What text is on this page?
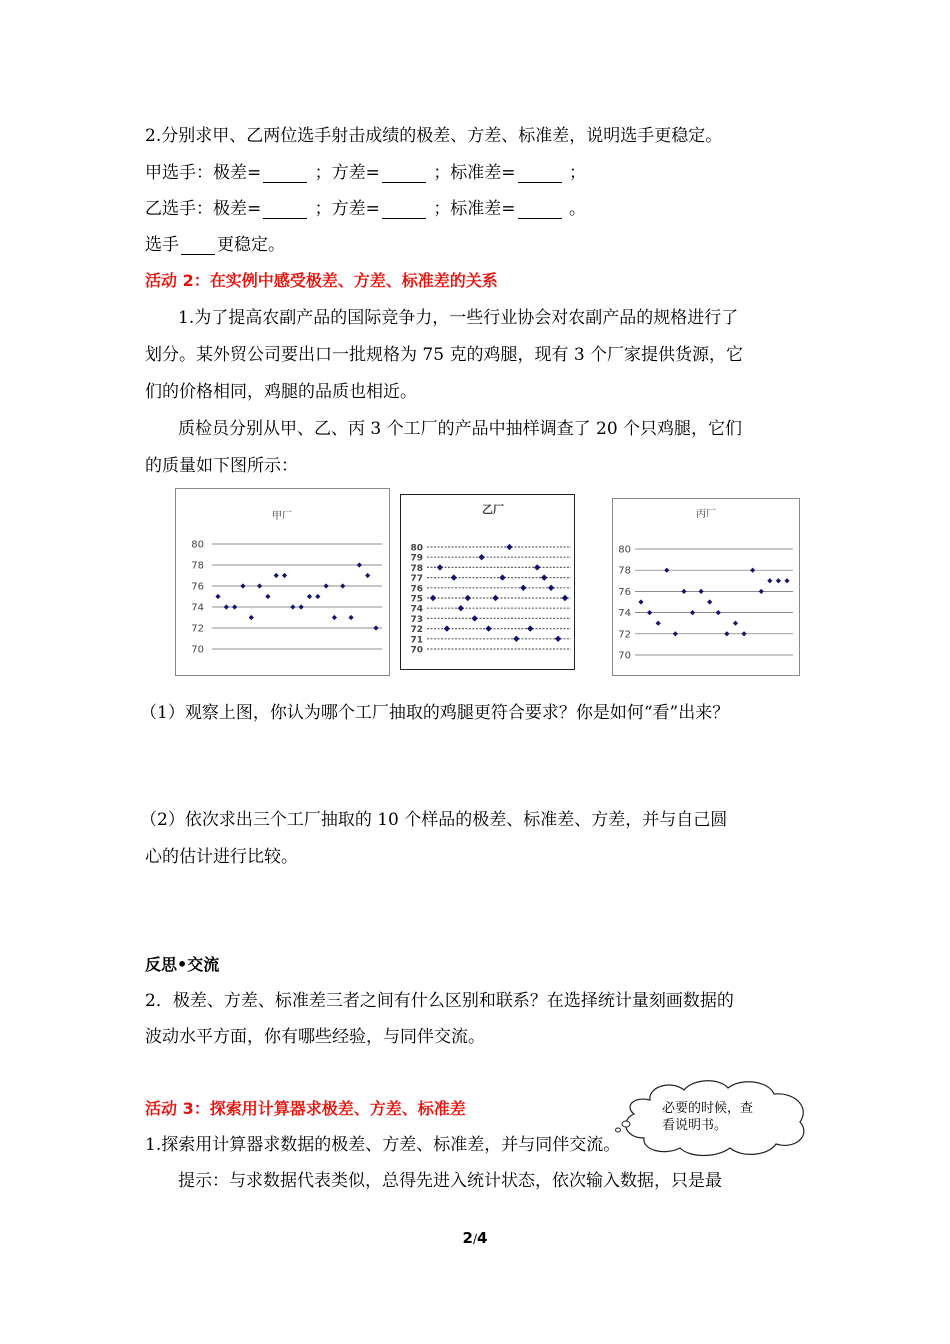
2.分别求甲、乙两位选手射击成绩的极差、方差、标准差，说明选手更稳定。
甲选手：极差=	；方差=	；标准差=	；
乙选手：极差=	；方差=	；标准差=	。
选手 更稳定。
活动 2：在实例中感受极差、方差、标准差的关系
1.为了提高农副产品的国际竞争力，一些行业协会对农副产品的规格进行了
划分。某外贸公司要出口一批规格为 75 克的鸡腿，现有 3 个厂家提供货源，它
们的价格相同，鸡腿的品质也相近。
质检员分别从甲、乙、丙 3 个工厂的产品中抽样调查了 20 个只鸡腿，它们
的质量如下图所示：
甲厂
80
78
76
74
72
70
乙厂
80
79
78
77
76
75
74
73
72
71
70
丙厂
80
78
76
74
72
70
（1）观察上图，你认为哪个工厂抽取的鸡腿更符合要求？你是如何“看”出来？
（2）依次求出三个工厂抽取的 10 个样品的极差、标准差、方差，并与自己圆
心的估计进行比较。
反思•交流
2．极差、方差、标准差三者之间有什么区别和联系？在选择统计量刻画数据的
波动水平方面，你有哪些经验，与同伴交流。
活动 3：探索用计算器求极差、方差、标准差
1.探索用计算器求数据的极差、方差、标准差，并与同伴交流。
提示：与求数据代表类似，总得先进入统计状态，依次输入数据，只是最
必要的时候，查
看说明书。
2/4
